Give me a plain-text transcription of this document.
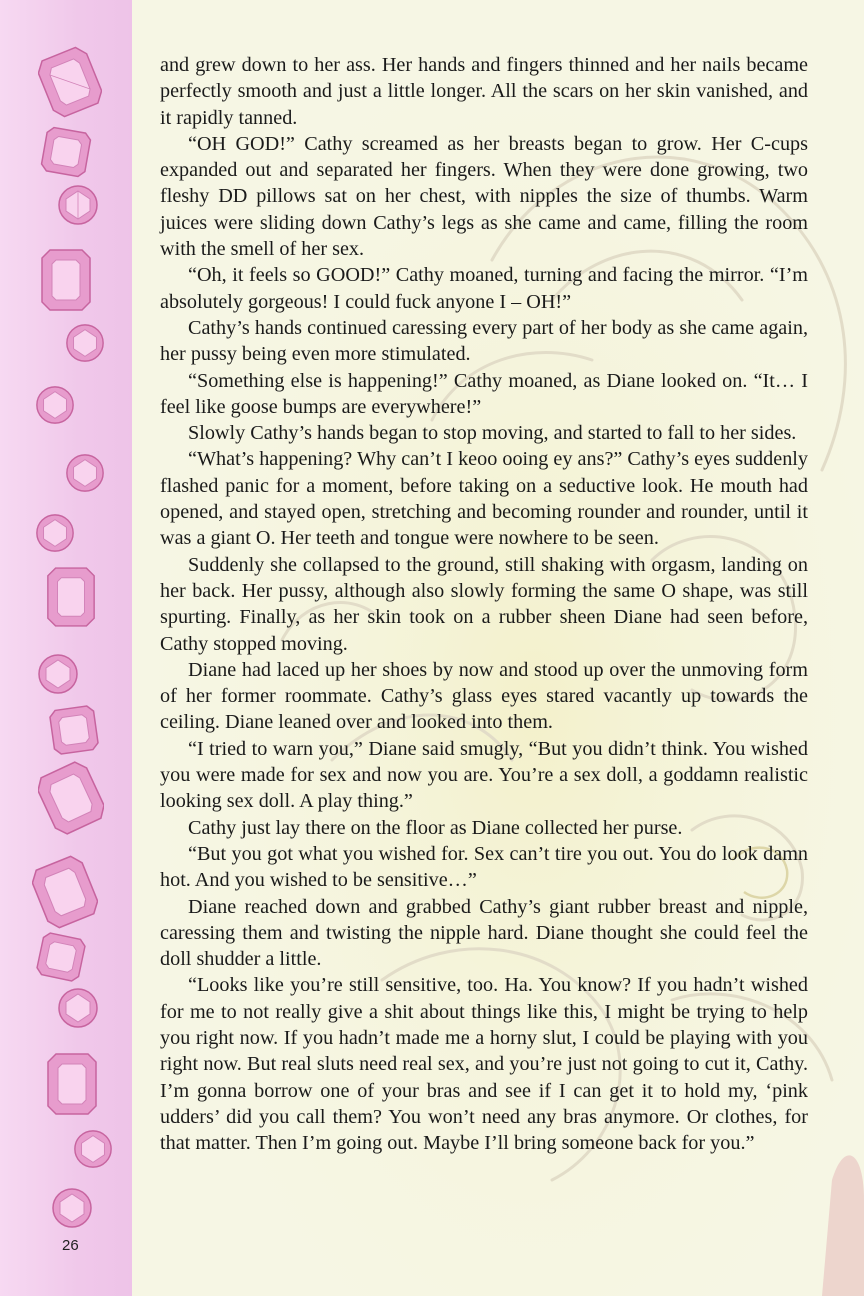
26

and grew down to her ass. Her hands and fingers thinned and her nails became perfectly smooth and just a little longer. All the scars on her skin vanished, and it rapidly tanned.

“OH GOD!” Cathy screamed as her breasts began to grow. Her C-cups expanded out and separated her fingers. When they were done growing, two fleshy DD pillows sat on her chest, with nipples the size of thumbs. Warm juices were sliding down Cathy’s legs as she came and came, filling the room with the smell of her sex.

“Oh, it feels so GOOD!” Cathy moaned, turning and facing the mirror. “I’m absolutely gorgeous! I could fuck anyone I – OH!”

Cathy’s hands continued caressing every part of her body as she came again, her pussy being even more stimulated.

“Something else is happening!” Cathy moaned, as Diane looked on. “It… I feel like goose bumps are everywhere!”

Slowly Cathy’s hands began to stop moving, and started to fall to her sides.

“What’s happening? Why can’t I keoo ooing ey ans?” Cathy’s eyes suddenly flashed panic for a moment, before taking on a seductive look. He mouth had opened, and stayed open, stretching and becoming rounder and rounder, until it was a giant O. Her teeth and tongue were nowhere to be seen.

Suddenly she collapsed to the ground, still shaking with orgasm, landing on her back. Her pussy, although also slowly forming the same O shape, was still spurting. Finally, as her skin took on a rubber sheen Diane had seen before, Cathy stopped moving.

Diane had laced up her shoes by now and stood up over the unmoving form of her former roommate. Cathy’s glass eyes stared vacantly up towards the ceiling. Diane leaned over and looked into them.

“I tried to warn you,” Diane said smugly, “But you didn’t think. You wished you were made for sex and now you are. You’re a sex doll, a goddamn realistic looking sex doll. A play thing.”

Cathy just lay there on the floor as Diane collected her purse.

“But you got what you wished for. Sex can’t tire you out. You do look damn hot. And you wished to be sensitive…”

Diane reached down and grabbed Cathy’s giant rubber breast and nipple, caressing them and twisting the nipple hard. Diane thought she could feel the doll shudder a little.

“Looks like you’re still sensitive, too. Ha. You know? If you hadn’t wished for me to not really give a shit about things like this, I might be trying to help you right now. If you hadn’t made me a horny slut, I could be playing with you right now. But real sluts need real sex, and you’re just not going to cut it, Cathy. I’m gonna borrow one of your bras and see if I can get it to hold my, ‘pink udders’ did you call them? You won’t need any bras anymore. Or clothes, for that matter. Then I’m going out. Maybe I’ll bring someone back for you.”
